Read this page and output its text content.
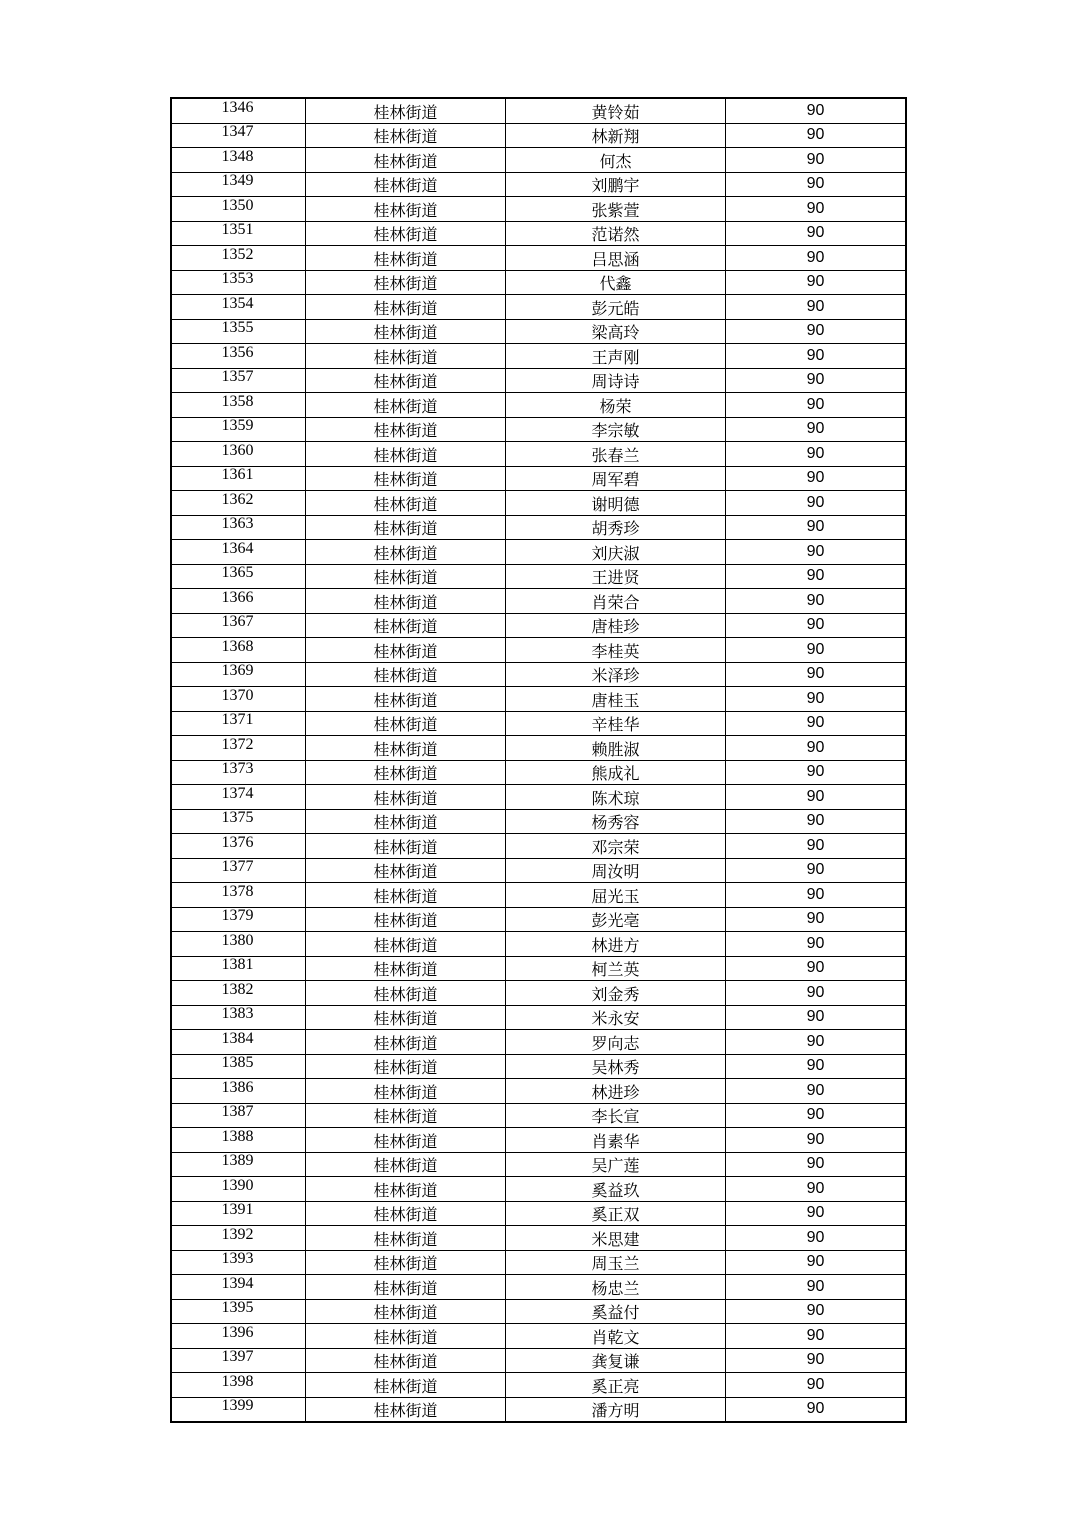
1346	桂林街道	黄铃茹	90
1347	桂林街道	林新翔	90
1348	桂林街道	何杰	90
1349	桂林街道	刘鹏宇	90
1350	桂林街道	张紫萱	90
1351	桂林街道	范诺然	90
1352	桂林街道	吕思涵	90
1353	桂林街道	代鑫	90
1354	桂林街道	彭元皓	90
1355	桂林街道	梁高玲	90
1356	桂林街道	王声刚	90
1357	桂林街道	周诗诗	90
1358	桂林街道	杨荣	90
1359	桂林街道	李宗敏	90
1360	桂林街道	张春兰	90
1361	桂林街道	周军碧	90
1362	桂林街道	谢明德	90
1363	桂林街道	胡秀珍	90
1364	桂林街道	刘庆淑	90
1365	桂林街道	王进贤	90
1366	桂林街道	肖荣合	90
1367	桂林街道	唐桂珍	90
1368	桂林街道	李桂英	90
1369	桂林街道	米泽珍	90
1370	桂林街道	唐桂玉	90
1371	桂林街道	辛桂华	90
1372	桂林街道	赖胜淑	90
1373	桂林街道	熊成礼	90
1374	桂林街道	陈术琼	90
1375	桂林街道	杨秀容	90
1376	桂林街道	邓宗荣	90
1377	桂林街道	周汝明	90
1378	桂林街道	屈光玉	90
1379	桂林街道	彭光亳	90
1380	桂林街道	林进方	90
1381	桂林街道	柯兰英	90
1382	桂林街道	刘金秀	90
1383	桂林街道	米永安	90
1384	桂林街道	罗向志	90
1385	桂林街道	吴林秀	90
1386	桂林街道	林进珍	90
1387	桂林街道	李长宣	90
1388	桂林街道	肖素华	90
1389	桂林街道	吴广莲	90
1390	桂林街道	奚益玖	90
1391	桂林街道	奚正双	90
1392	桂林街道	米思建	90
1393	桂林街道	周玉兰	90
1394	桂林街道	杨忠兰	90
1395	桂林街道	奚益付	90
1396	桂林街道	肖乾文	90
1397	桂林街道	龚复谦	90
1398	桂林街道	奚正亮	90
1399	桂林街道	潘方明	90
